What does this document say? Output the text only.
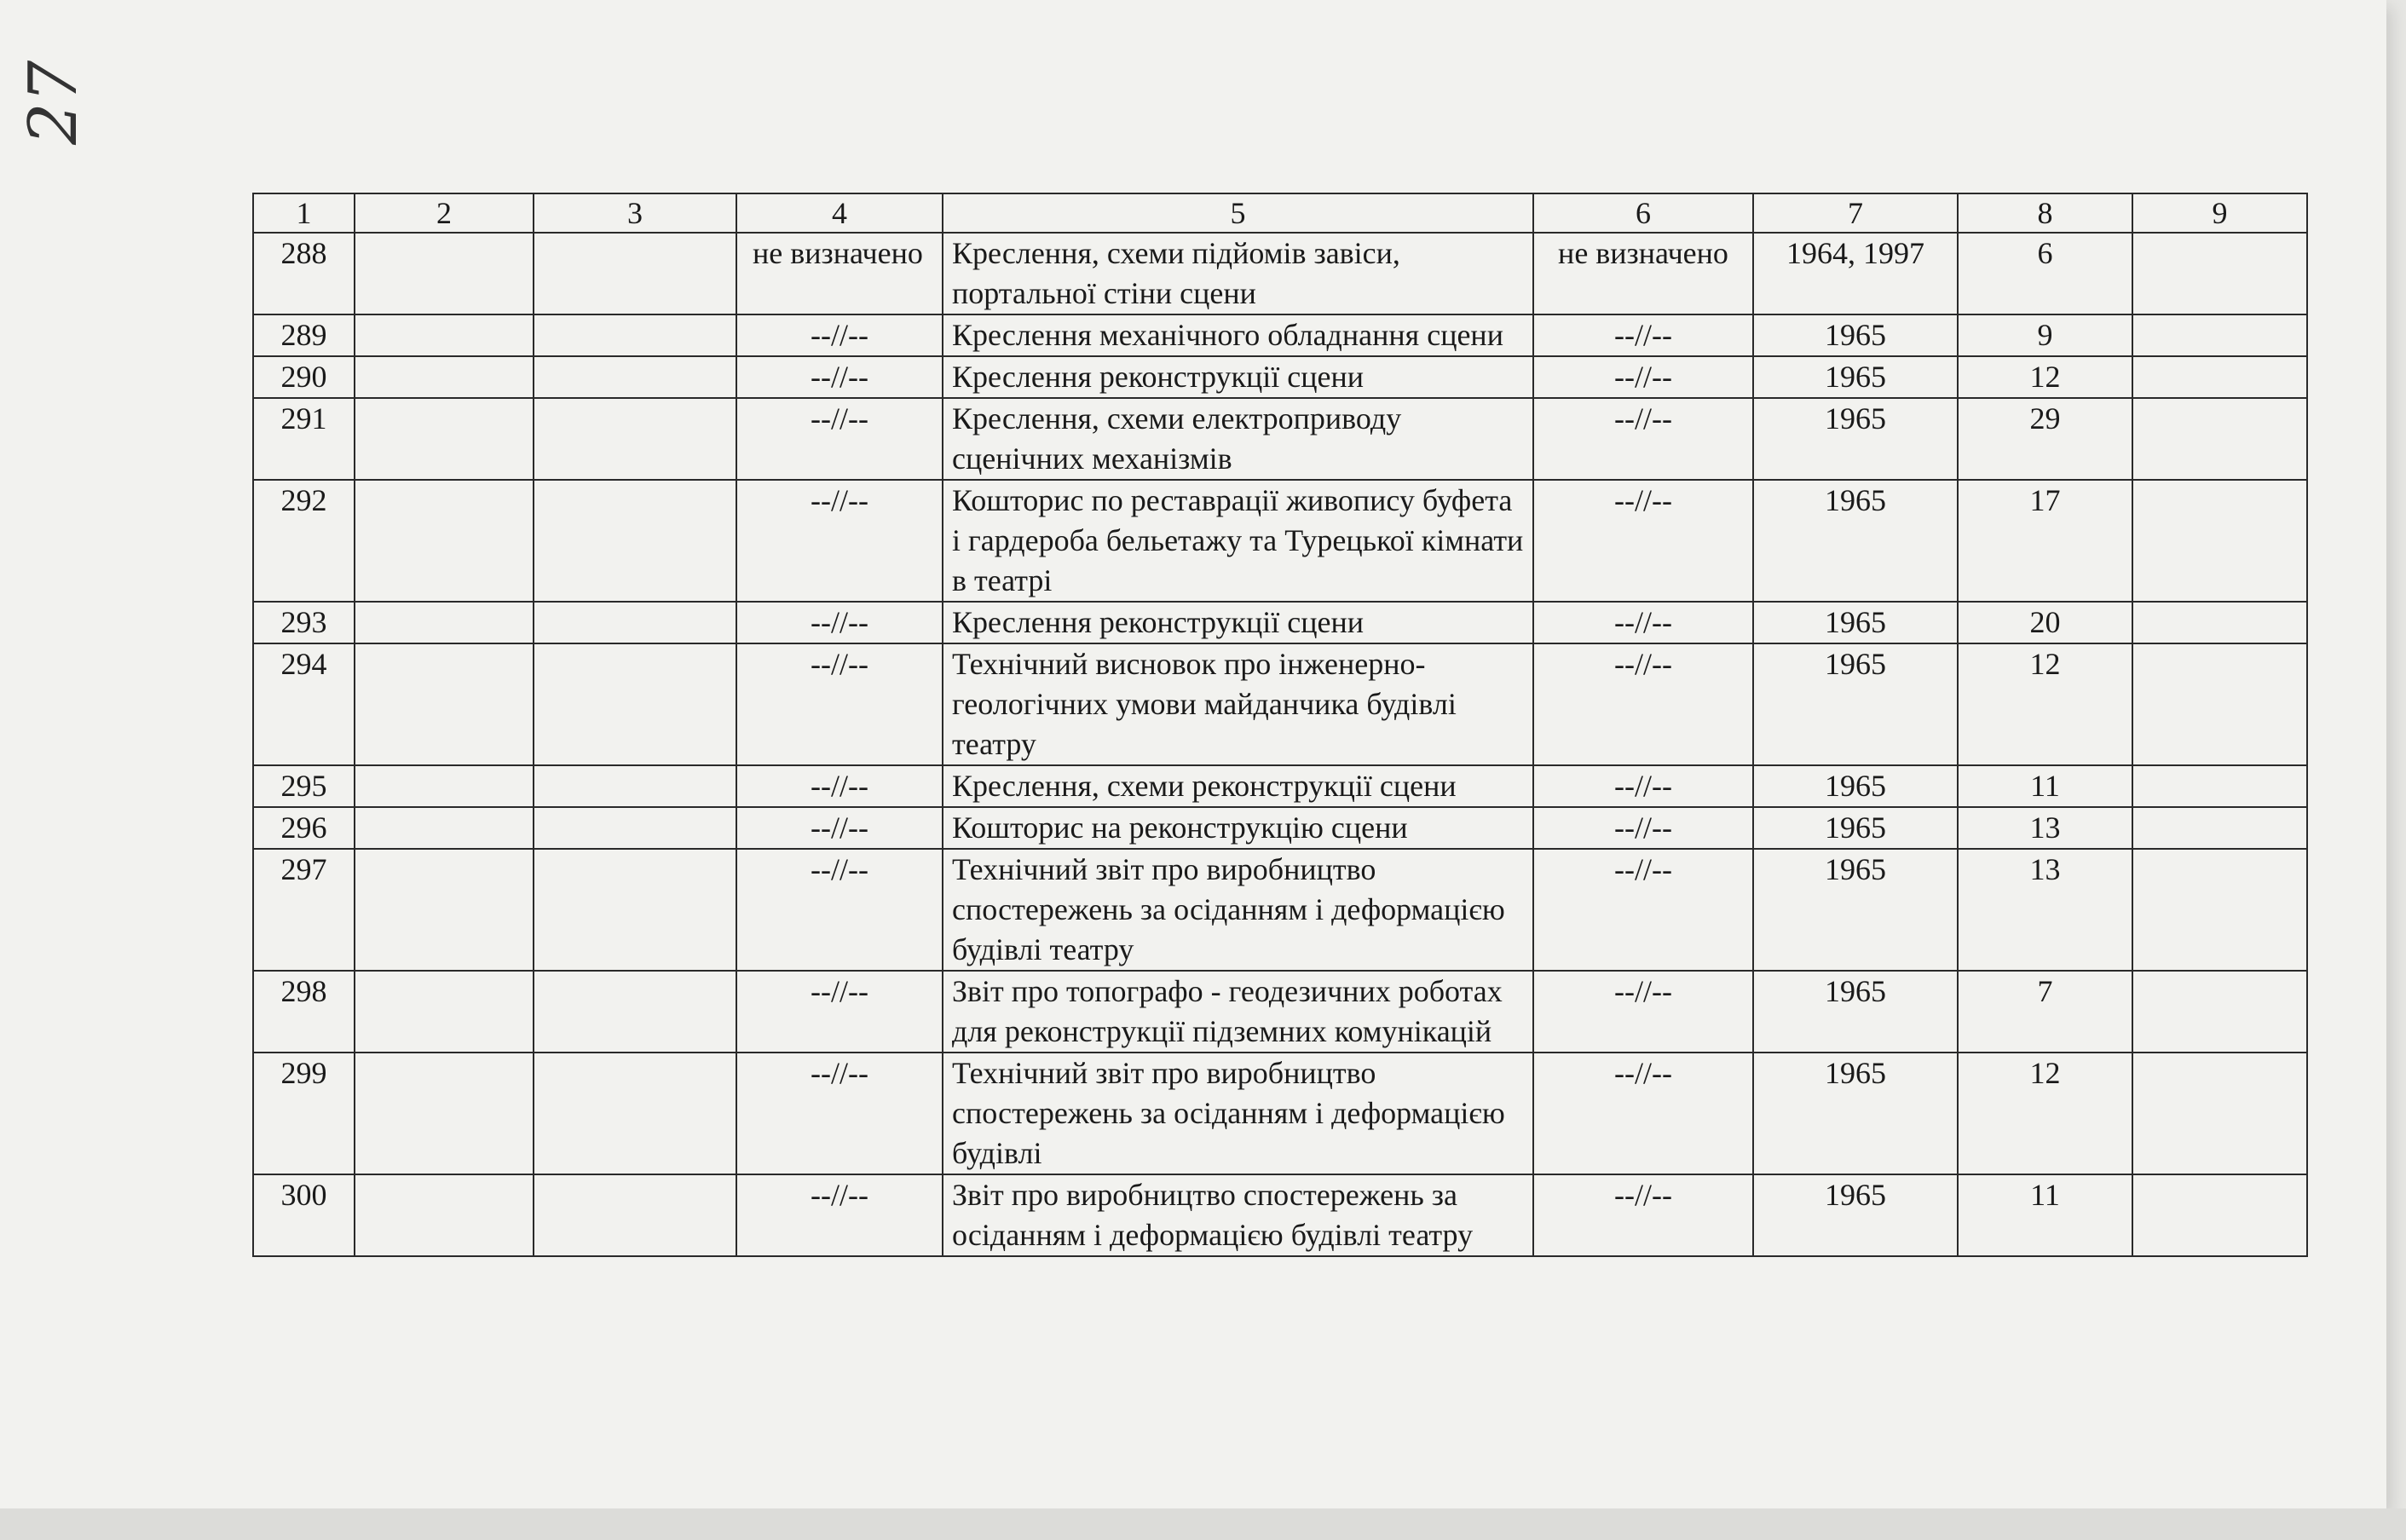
27
1	2	3	4	5	6	7	8	9
288			не визначено	Креслення, схеми підйомів завіси, портальної стіни сцени	не визначено	1964, 1997	6	
289			--//--	Креслення механічного обладнання сцени	--//--	1965	9	
290			--//--	Креслення реконструкції сцени	--//--	1965	12	
291			--//--	Креслення, схеми електроприводу сценічних механізмів	--//--	1965	29	
292			--//--	Кошторис по реставрації живопису буфета і гардероба бельетажу та Турецької кімнати в театрі	--//--	1965	17	
293			--//--	Креслення реконструкції сцени	--//--	1965	20	
294			--//--	Технічний висновок про інженерно-геологічних умови майданчика будівлі театру	--//--	1965	12	
295			--//--	Креслення, схеми реконструкції сцени	--//--	1965	11	
296			--//--	Кошторис на реконструкцію сцени	--//--	1965	13	
297			--//--	Технічний звіт про виробництво спостережень за осіданням і деформацією будівлі театру	--//--	1965	13	
298			--//--	Звіт про топографо - геодезичних роботах для реконструкції підземних комунікацій	--//--	1965	7	
299			--//--	Технічний звіт про виробництво спостережень за осіданням і деформацією будівлі	--//--	1965	12	
300			--//--	Звіт про виробництво спостережень за осіданням і деформацією будівлі театру	--//--	1965	11	
